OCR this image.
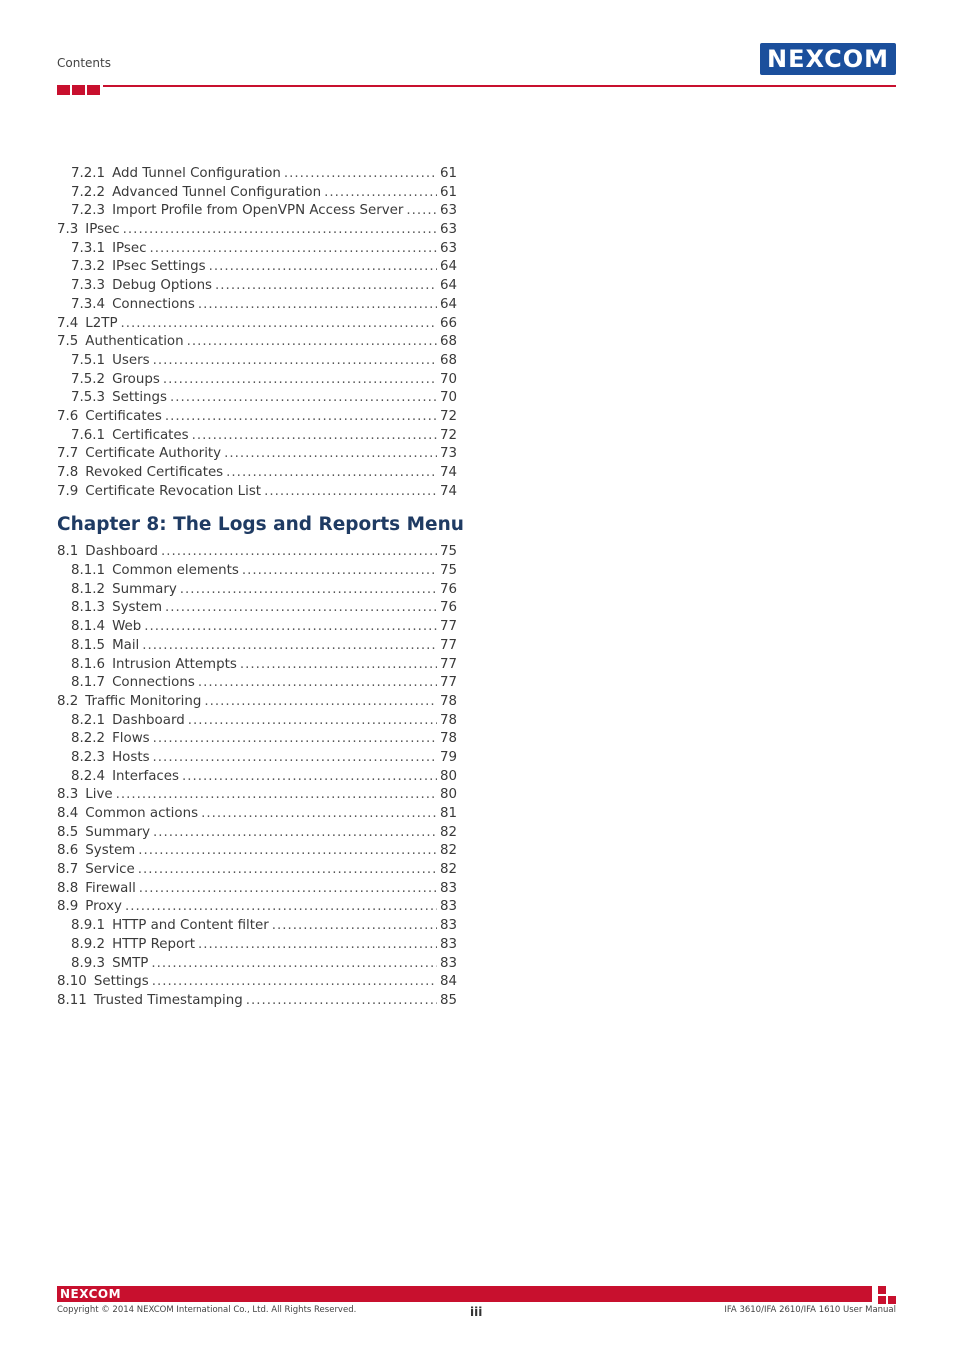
Contents	NEXCOM
7.2.1 Add Tunnel Configuration .....	61
7.2.2 Advanced Tunnel Configuration .....	61
7.2.3 Import Profile from OpenVPN Access Server .....	63
7.3 IPsec .....	63
7.3.1 IPsec .....	63
7.3.2 IPsec Settings .....	64
7.3.3 Debug Options .....	64
7.3.4 Connections .....	64
7.4 L2TP .....	66
7.5 Authentication .....	68
7.5.1 Users .....	68
7.5.2 Groups .....	70
7.5.3 Settings .....	70
7.6 Certificates .....	72
7.6.1 Certificates .....	72
7.7 Certificate Authority .....	73
7.8 Revoked Certificates .....	74
7.9 Certificate Revocation List .....	74
Chapter 8: The Logs and Reports Menu
8.1 Dashboard .....	75
8.1.1 Common elements .....	75
8.1.2 Summary .....	76
8.1.3 System .....	76
8.1.4 Web .....	77
8.1.5 Mail .....	77
8.1.6 Intrusion Attempts .....	77
8.1.7 Connections .....	77
8.2 Traffic Monitoring .....	78
8.2.1 Dashboard .....	78
8.2.2 Flows .....	78
8.2.3 Hosts .....	79
8.2.4 Interfaces .....	80
8.3 Live .....	80
8.4 Common actions .....	81
8.5 Summary .....	82
8.6 System .....	82
8.7 Service .....	82
8.8 Firewall .....	83
8.9 Proxy .....	83
8.9.1 HTTP and Content filter .....	83
8.9.2 HTTP Report .....	83
8.9.3 SMTP .....	83
8.10 Settings .....	84
8.11 Trusted Timestamping .....	85
NEXCOM
Copyright © 2014 NEXCOM International Co., Ltd. All Rights Reserved.	iii	IFA 3610/IFA 2610/IFA 1610 User Manual
